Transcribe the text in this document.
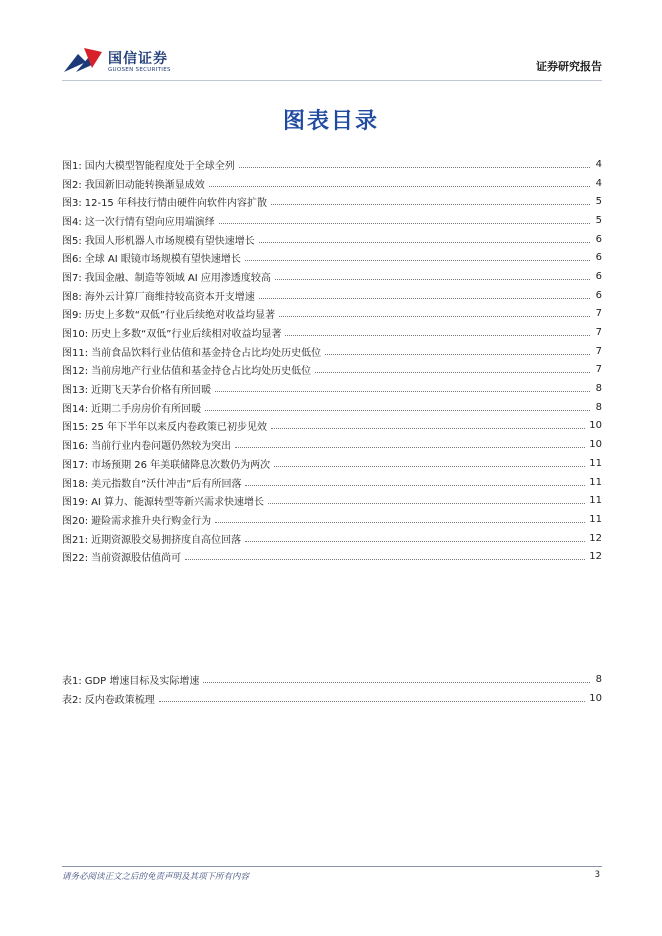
国信证券
GUOSEN SECURITIES	证券研究报告
图表目录
图1: 国内大模型智能程度处于全球全列	4
图2: 我国新旧动能转换渐显成效	4
图3: 12-15 年科技行情由硬件向软件内容扩散	5
图4: 这一次行情有望向应用端演绎	5
图5: 我国人形机器人市场规模有望快速增长	6
图6: 全球 AI 眼镜市场规模有望快速增长	6
图7: 我国金融、制造等领域 AI 应用渗透度较高	6
图8: 海外云计算厂商维持较高资本开支增速	6
图9: 历史上多数“双低”行业后续绝对收益均显著	7
图10: 历史上多数“双低”行业后续相对收益均显著	7
图11: 当前食品饮料行业估值和基金持仓占比均处历史低位	7
图12: 当前房地产行业估值和基金持仓占比均处历史低位	7
图13: 近期飞天茅台价格有所回暖	8
图14: 近期二手房房价有所回暖	8
图15: 25 年下半年以来反内卷政策已初步见效	10
图16: 当前行业内卷问题仍然较为突出	10
图17: 市场预期 26 年美联储降息次数仍为两次	11
图18: 美元指数自“沃什冲击”后有所回落	11
图19: AI 算力、能源转型等新兴需求快速增长	11
图20: 避险需求推升央行购金行为	11
图21: 近期资源股交易拥挤度自高位回落	12
图22: 当前资源股估值尚可	12
表1: GDP 增速目标及实际增速	8
表2: 反内卷政策梳理	10
请务必阅读正文之后的免责声明及其项下所有内容	3
